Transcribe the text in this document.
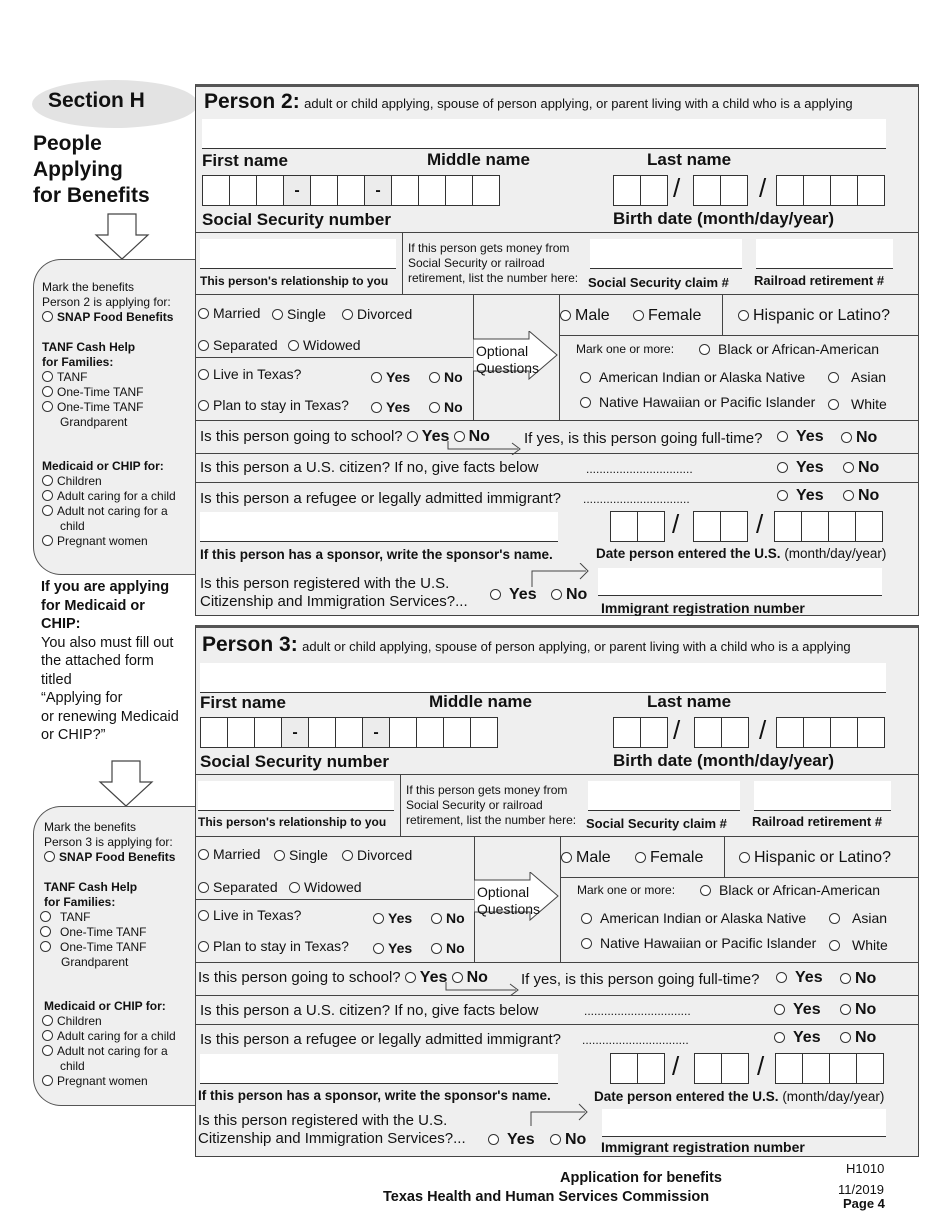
Section H
People
Applying
for Benefits
Mark the benefits
Person 2 is applying for:
SNAP Food Benefits
TANF Cash Help
for Families:
TANF
One-Time TANF
One-Time TANF
Grandparent
Medicaid or CHIP for:
Children
Adult caring for a child
Adult not caring for a
child
Pregnant women
If you are applying
for Medicaid or
CHIP:
You also must fill out
the attached form
titled
“Applying for
or renewing Medicaid
or CHIP?”
Mark the benefits
Person 3 is applying for:
SNAP Food Benefits
TANF Cash Help
for Families:
TANF
One-Time TANF
One-Time TANF
Grandparent
Medicaid or CHIP for:
Children
Adult caring for a child
Adult not caring for a
child
Pregnant women
Person 2: adult or child applying, spouse of person applying, or parent living with a child who is a applying
First name	Middle name	Last name
-	-	/	/
Social Security number	Birth date (month/day/year)
This person's relationship to you
If this person gets money from
Social Security or railroad
retirement, list the number here: Social Security claim # Railroad retirement #
Married	Single	Divorced
Separated	Widowed
Live in Texas?	Yes	No
Plan to stay in Texas?	Yes	No
Optional
Questions
Male	Female	Hispanic or Latino?
Mark one or more:	Black or African-American
American Indian or Alaska Native	Asian
Native Hawaiian or Pacific Islander	White
Is this person going to school? Yes No If yes, is this person going full-time?	Yes	No
Is this person a U.S. citizen? If no, give facts below	................................	Yes	No
Is this person a refugee or legally admitted immigrant? ................................	Yes	No
/	/
If this person has a sponsor, write the sponsor's name.	Date person entered the U.S. (month/day/year)
Is this person registered with the U.S.
Citizenship and Immigration Services?...	Yes	No
Immigrant registration number
Person 3: adult or child applying, spouse of person applying, or parent living with a child who is a applying
First name	Middle name	Last name
-	-	/	/
Social Security number	Birth date (month/day/year)
This person's relationship to you
If this person gets money from
Social Security or railroad
retirement, list the number here: Social Security claim # Railroad retirement #
Married	Single	Divorced
Separated	Widowed
Live in Texas?	Yes	No
Plan to stay in Texas?	Yes	No
Optional
Questions
Male	Female	Hispanic or Latino?
Mark one or more:	Black or African-American
American Indian or Alaska Native	Asian
Native Hawaiian or Pacific Islander	White
Is this person going to school? Yes No If yes, is this person going full-time?	Yes	No
Is this person a U.S. citizen? If no, give facts below	................................	Yes	No
Is this person a refugee or legally admitted immigrant? ................................	Yes	No
/	/
If this person has a sponsor, write the sponsor's name.	Date person entered the U.S. (month/day/year)
Is this person registered with the U.S.
Citizenship and Immigration Services?...	Yes	No Immigrant registration number
Application for benefits
Texas Health and Human Services Commission
H1010
11/2019
Page 4
